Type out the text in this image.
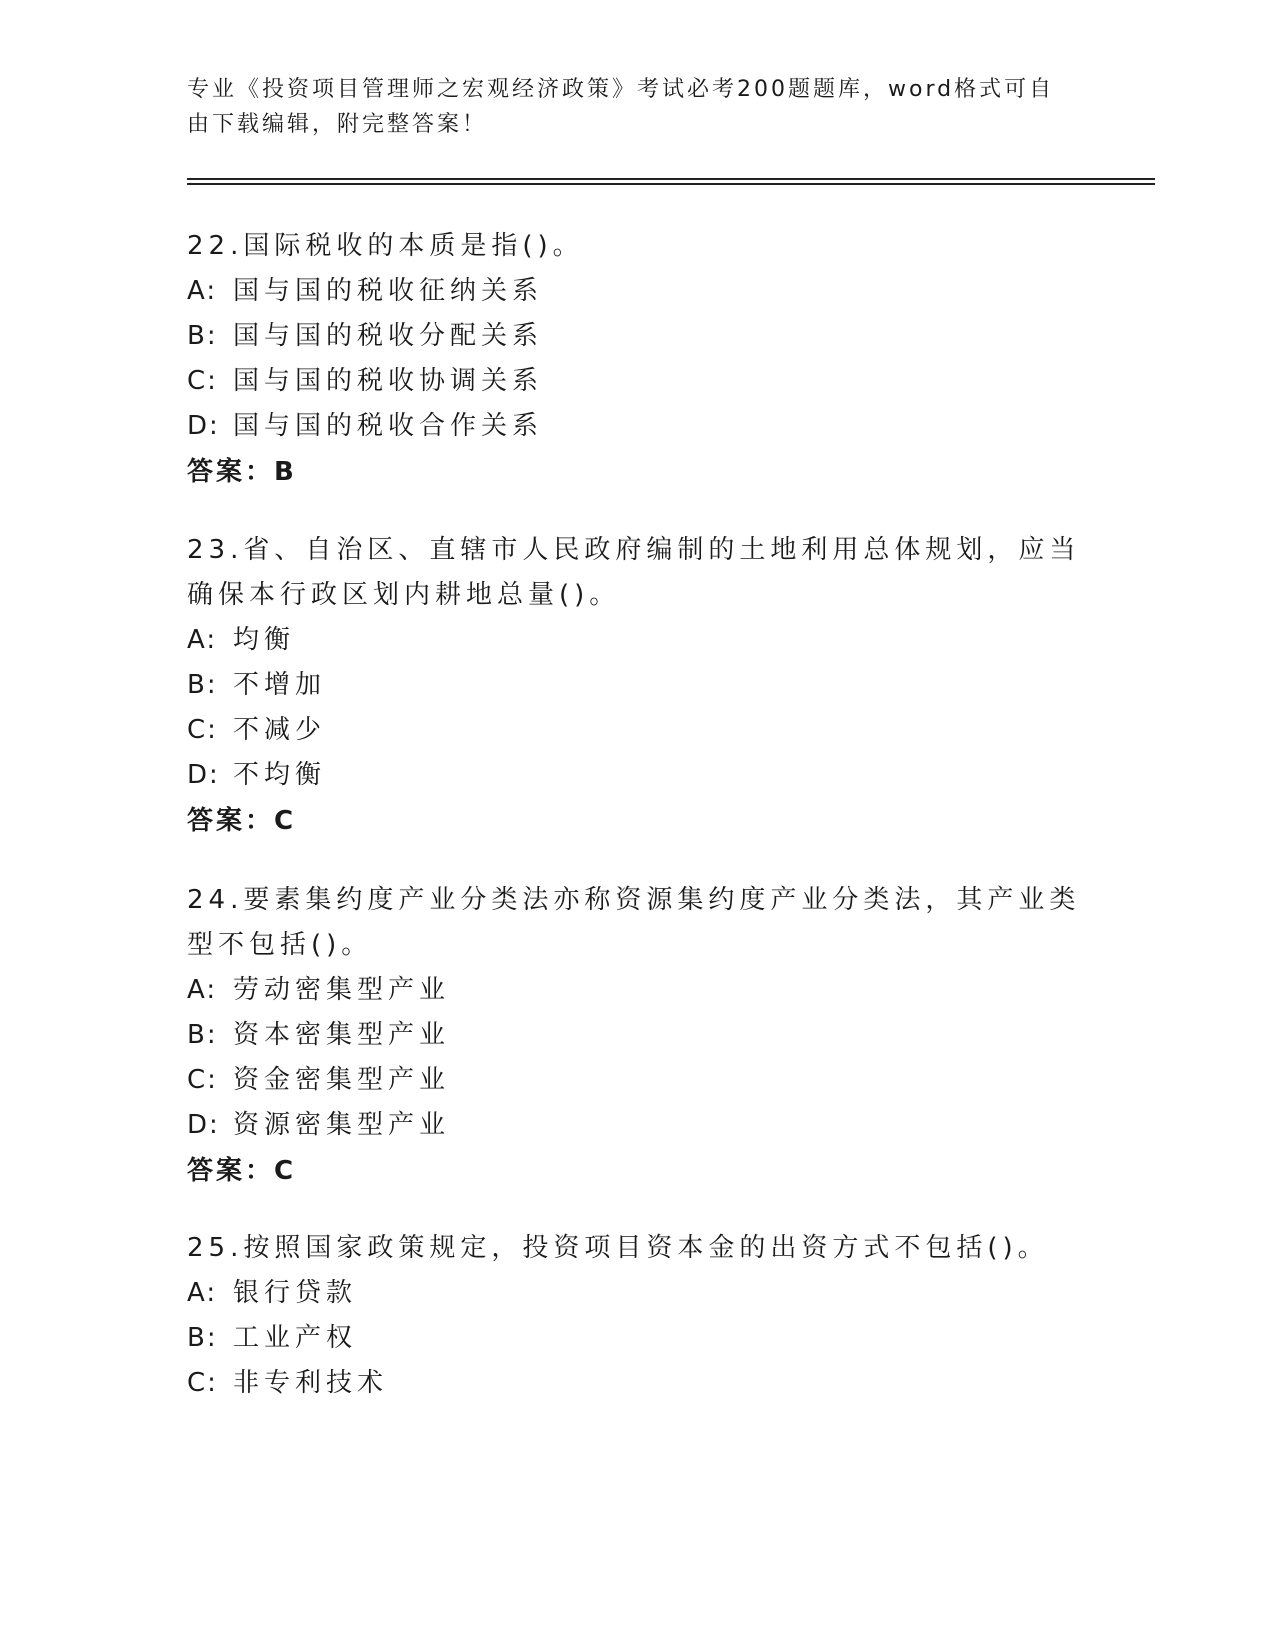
专业《投资项目管理师之宏观经济政策》考试必考200题题库，word格式可自由下载编辑，附完整答案！

22.国际税收的本质是指()。

A: 国与国的税收征纳关系

B: 国与国的税收分配关系

C: 国与国的税收协调关系

D: 国与国的税收合作关系

答案：B

23.省、自治区、直辖市人民政府编制的土地利用总体规划，应当确保本行政区划内耕地总量()。

A: 均衡

B: 不增加

C: 不减少

D: 不均衡

答案：C

24.要素集约度产业分类法亦称资源集约度产业分类法，其产业类型不包括()。

A: 劳动密集型产业

B: 资本密集型产业

C: 资金密集型产业

D: 资源密集型产业

答案：C

25.按照国家政策规定，投资项目资本金的出资方式不包括()。

A: 银行贷款

B: 工业产权

C: 非专利技术
